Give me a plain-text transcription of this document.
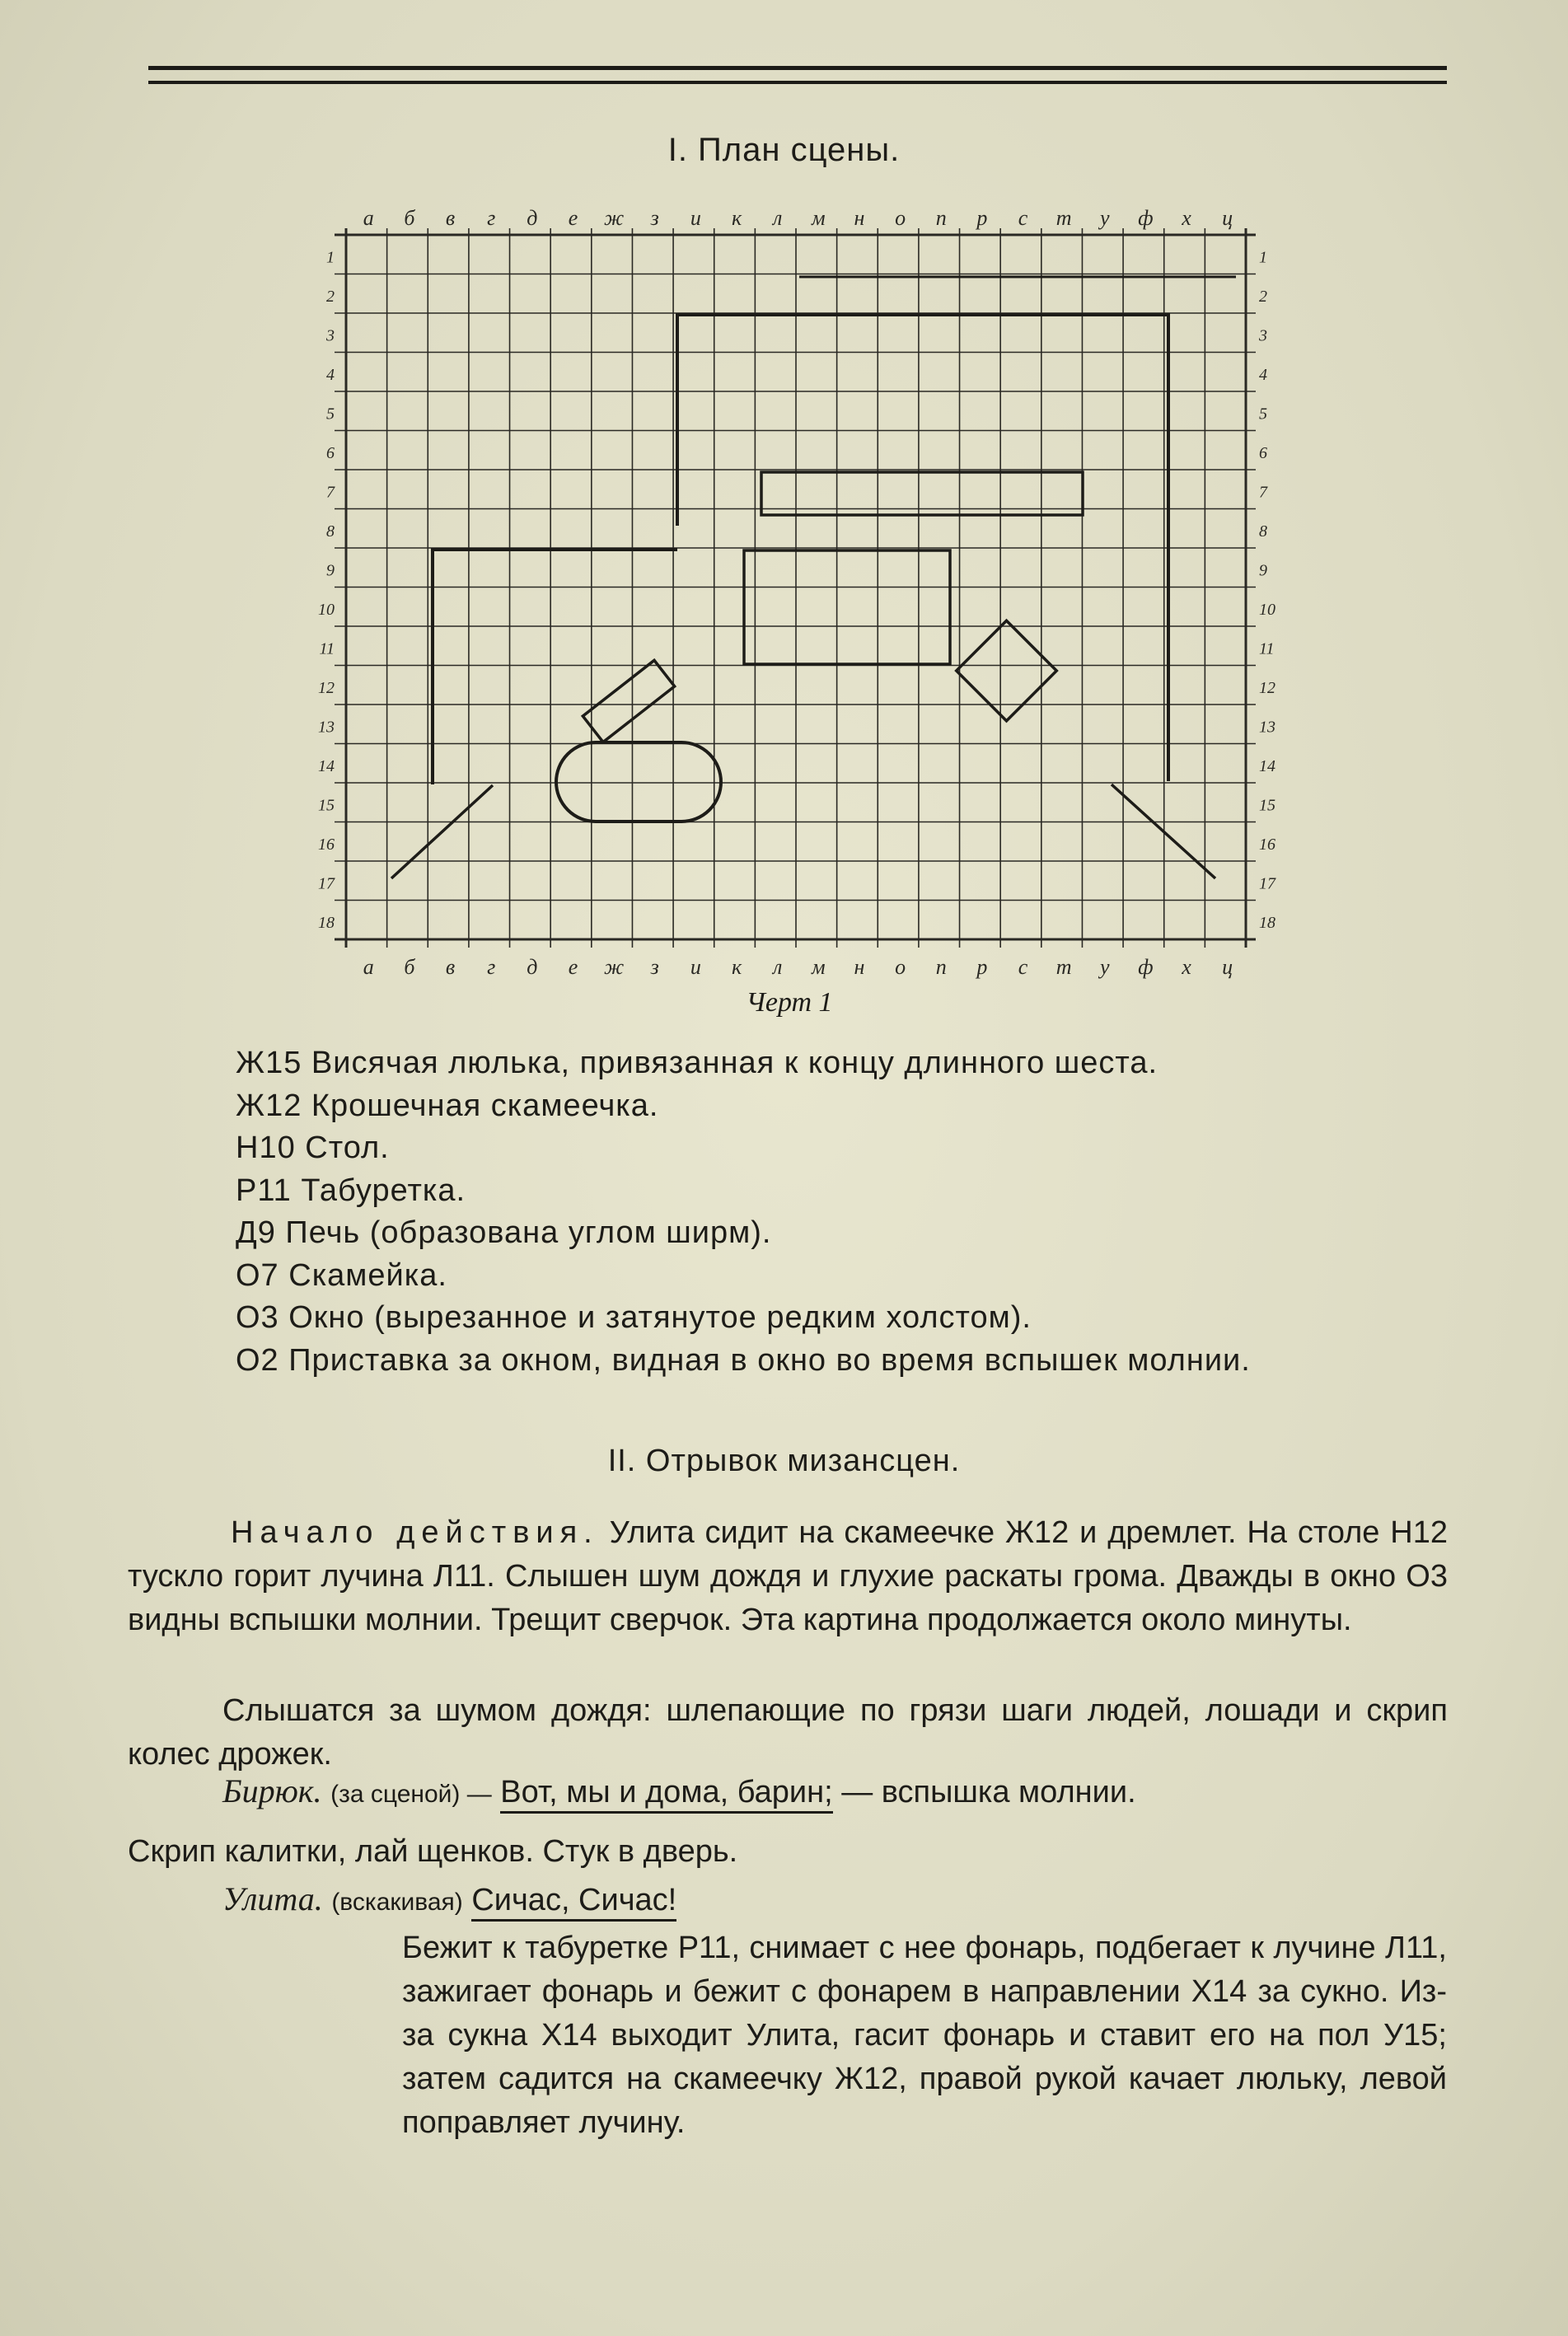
I. План сцены.
а б в г д е ж з и к л м н о п р с т у ф х ц
а б в г д е ж з и к л м н о п р с т у ф х ц
1	1
2	2
3	3
4	4
5	5
6	6
7	7
8	8
9	9
10	10
11	11
12	12
13	13
14	14
15	15
16	16
17	17
18	18
Черт 1
Ж15 Висячая люлька, привязанная к концу длинного шеста.
Ж12 Крошечная скамеечка.
Н10 Стол.
Р11 Табуретка.
Д9 Печь (образована углом ширм).
О7 Скамейка.
О3 Окно (вырезанное и затянутое редким холстом).
О2 Приставка за окном, видная в окно во время вспышек молнии.
II. Отрывок мизансцен.
Начало действия. Улита сидит на скамеечке Ж12 и дремлет. На столе Н12 тускло горит лучина Л11. Слышен шум дождя и глухие раскаты грома. Дважды в окно О3 видны вспышки молнии. Трещит сверчок. Эта картина продолжается около минуты.
Слышатся за шумом дождя: шлепающие по грязи шаги людей, лошади и скрип колес дрожек.
Бирюк. (за сценой) — Вот, мы и дома, барин; — вспышка молнии.
Скрип калитки, лай щенков. Стук в дверь.
Улита. (вскакивая) Сичас, Сичас!
Бежит к табуретке Р11, снимает с нее фонарь, подбегает к лучине Л11, зажигает фонарь и бежит с фонарем в направлении Х14 за сукно. Из-за сукна Х14 выходит Улита, гасит фонарь и ставит его на пол У15; затем садится на скамеечку Ж12, правой рукой качает люльку, левой поправляет лучину.
